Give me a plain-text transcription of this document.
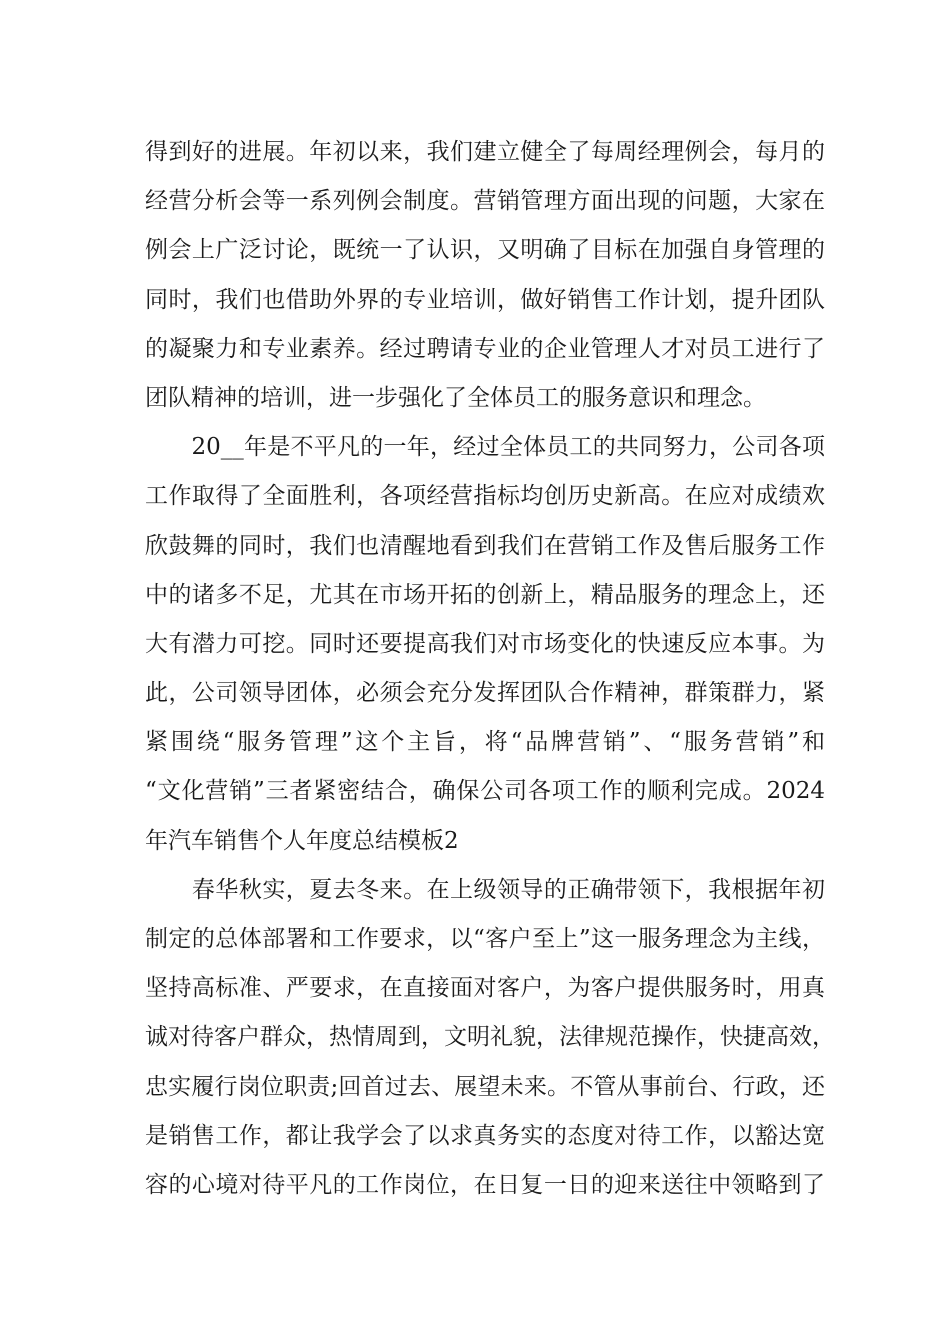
得到好的进展。年初以来，我们建立健全了每周经理例会，每月的
经营分析会等一系列例会制度。营销管理方面出现的问题，大家在
例会上广泛讨论，既统一了认识，又明确了目标在加强自身管理的
同时，我们也借助外界的专业培训，做好销售工作计划，提升团队
的凝聚力和专业素养。经过聘请专业的企业管理人才对员工进行了
团队精神的培训，进一步强化了全体员工的服务意识和理念。
　　20__年是不平凡的一年，经过全体员工的共同努力，公司各项
工作取得了全面胜利，各项经营指标均创历史新高。在应对成绩欢
欣鼓舞的同时，我们也清醒地看到我们在营销工作及售后服务工作
中的诸多不足，尤其在市场开拓的创新上，精品服务的理念上，还
大有潜力可挖。同时还要提高我们对市场变化的快速反应本事。为
此，公司领导团体，必须会充分发挥团队合作精神，群策群力，紧
紧围绕“服务管理”这个主旨，将“品牌营销”、“服务营销”和
“文化营销”三者紧密结合，确保公司各项工作的顺利完成。2024
年汽车销售个人年度总结模板2
　　春华秋实，夏去冬来。在上级领导的正确带领下，我根据年初
制定的总体部署和工作要求，以“客户至上”这一服务理念为主线，
坚持高标准、严要求，在直接面对客户，为客户提供服务时，用真
诚对待客户群众，热情周到，文明礼貌，法律规范操作，快捷高效，
忠实履行岗位职责;回首过去、展望未来。不管从事前台、行政，还
是销售工作，都让我学会了以求真务实的态度对待工作，以豁达宽
容的心境对待平凡的工作岗位，在日复一日的迎来送往中领略到了
